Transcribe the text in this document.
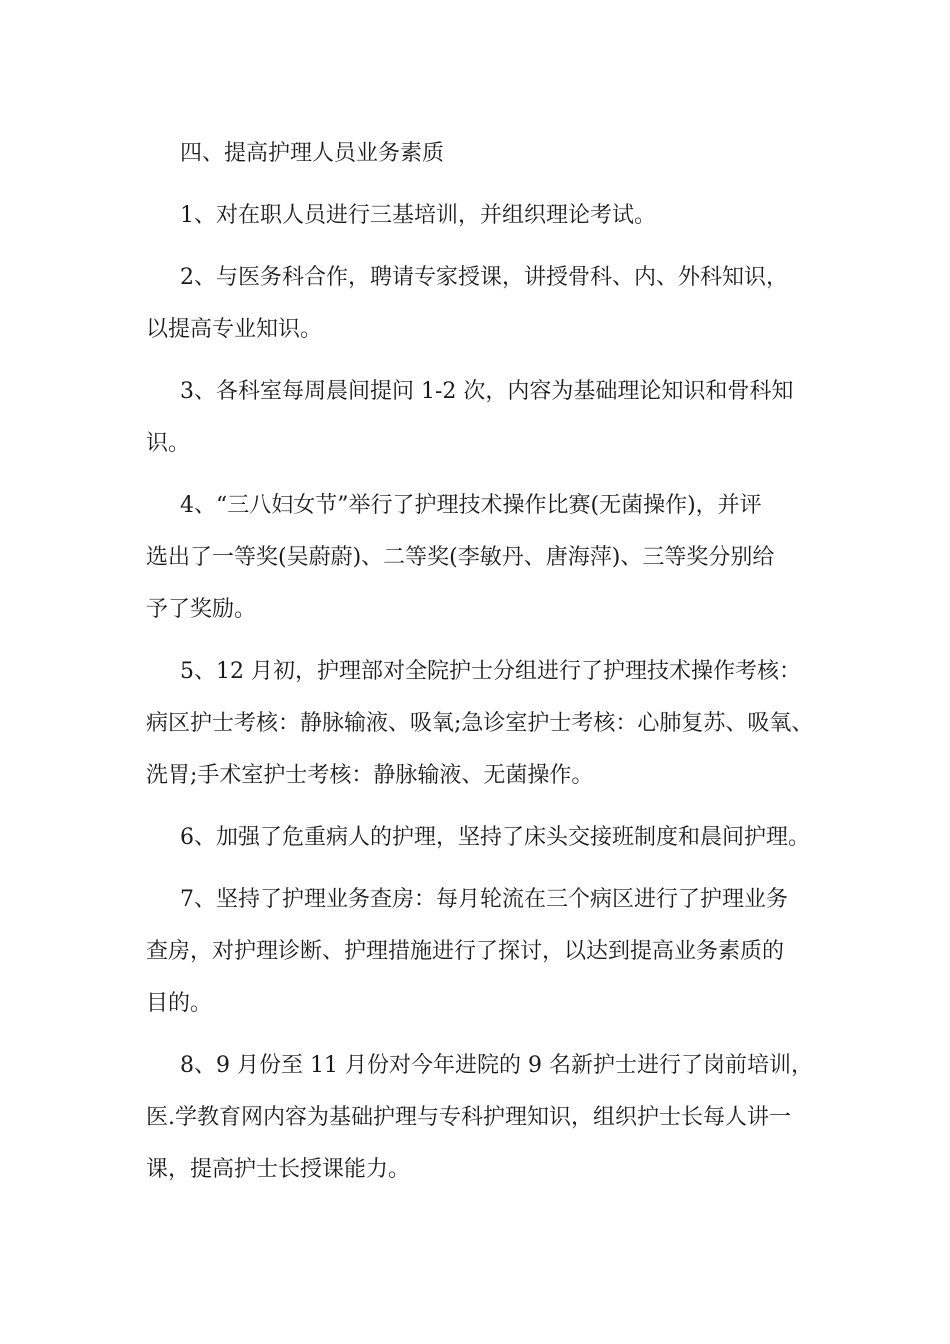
四、提高护理人员业务素质
1、对在职人员进行三基培训，并组织理论考试。
2、与医务科合作，聘请专家授课，讲授骨科、内、外科知识，
以提高专业知识。
3、各科室每周晨间提问 1-2 次，内容为基础理论知识和骨科知
识。
4、“三八妇女节”举行了护理技术操作比赛(无菌操作)，并评
选出了一等奖(吴蔚蔚)、二等奖(李敏丹、唐海萍)、三等奖分别给
予了奖励。
5、12 月初，护理部对全院护士分组进行了护理技术操作考核：
病区护士考核：静脉输液、吸氧;急诊室护士考核：心肺复苏、吸氧、
洗胃;手术室护士考核：静脉输液、无菌操作。
6、加强了危重病人的护理，坚持了床头交接班制度和晨间护理。
7、坚持了护理业务查房：每月轮流在三个病区进行了护理业务
查房，对护理诊断、护理措施进行了探讨，以达到提高业务素质的
目的。
8、9 月份至 11 月份对今年进院的 9 名新护士进行了岗前培训，
医.学教育网内容为基础护理与专科护理知识，组织护士长每人讲一
课，提高护士长授课能力。
